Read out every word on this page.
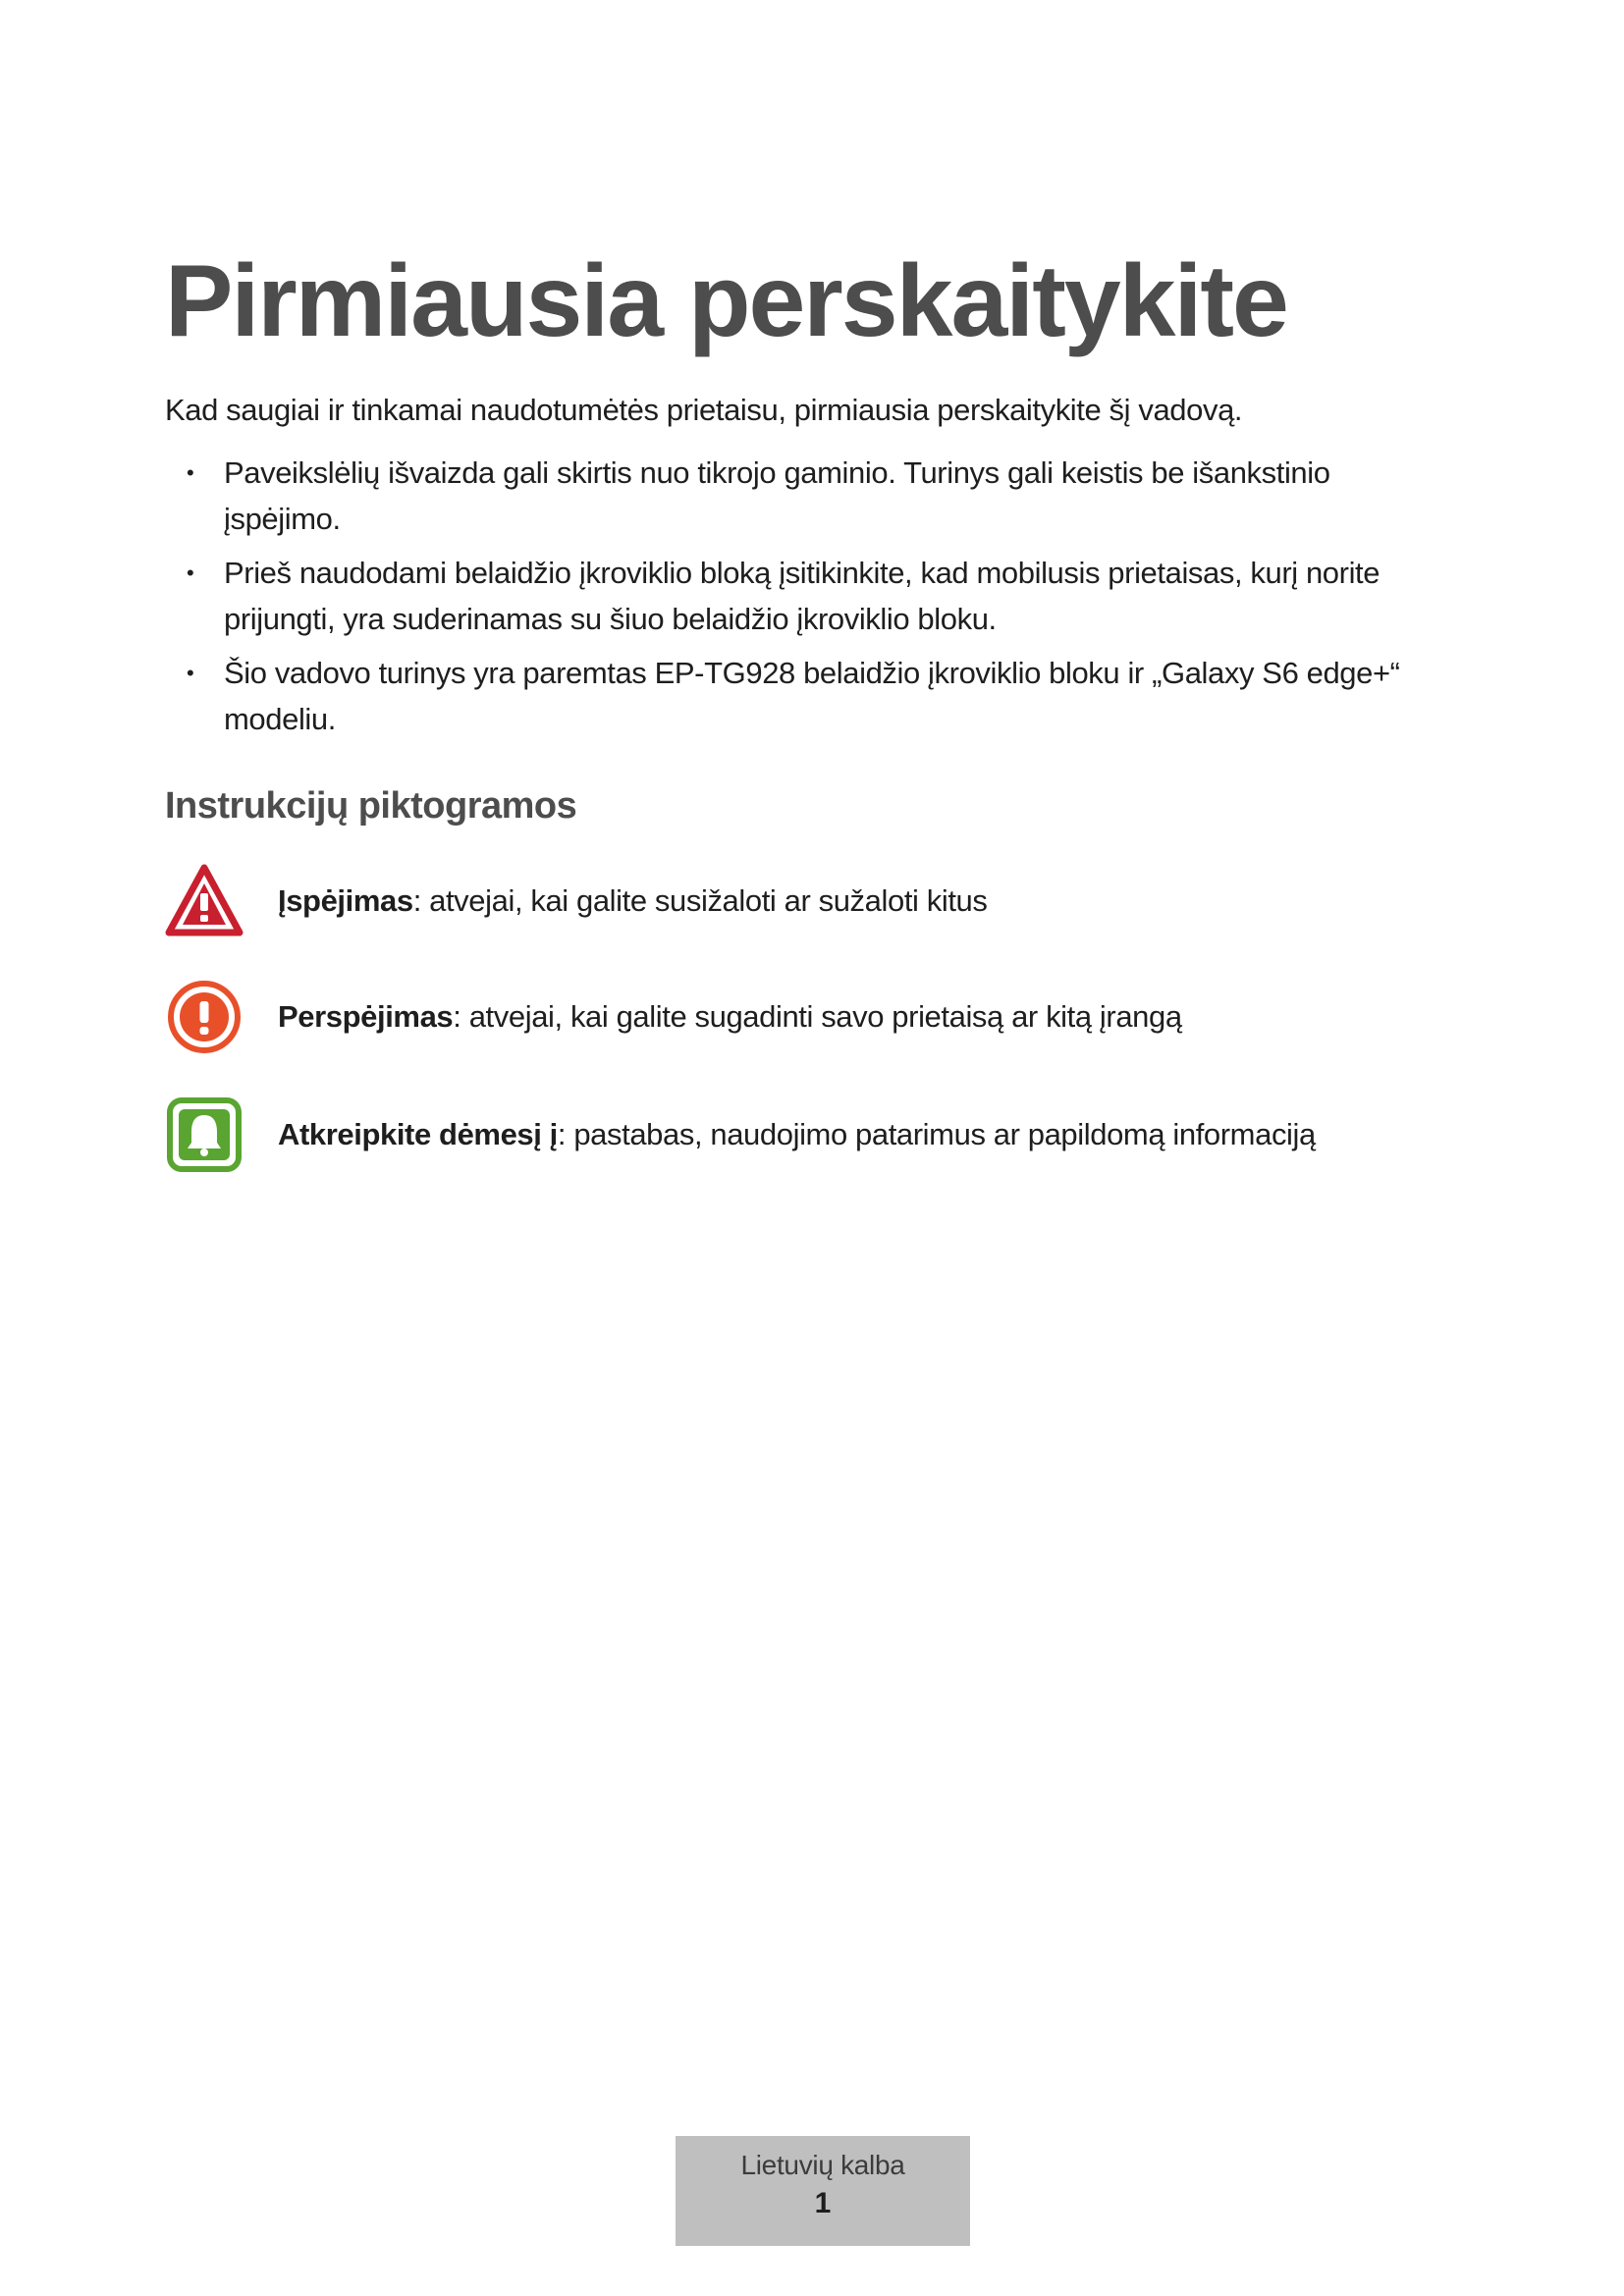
Pirmiausia perskaitykite

Kad saugiai ir tinkamai naudotumėtės prietaisu, pirmiausia perskaitykite šį vadovą.

• Paveikslėlių išvaizda gali skirtis nuo tikrojo gaminio. Turinys gali keistis be išankstinio įspėjimo.
• Prieš naudodami belaidžio įkroviklio bloką įsitikinkite, kad mobilusis prietaisas, kurį norite prijungti, yra suderinamas su šiuo belaidžio įkroviklio bloku.
• Šio vadovo turinys yra paremtas EP-TG928 belaidžio įkroviklio bloku ir „Galaxy S6 edge+“ modeliu.
Instrukcijų piktogramos
Įspėjimas : atvejai, kai galite susižaloti ar sužaloti kitus
Perspėjimas : atvejai, kai galite sugadinti savo prietaisą ar kitą įrangą
Atkreipkite dėmesį į : pastabas, naudojimo patarimus ar papildomą informaciją
Lietuvių kalba
1
